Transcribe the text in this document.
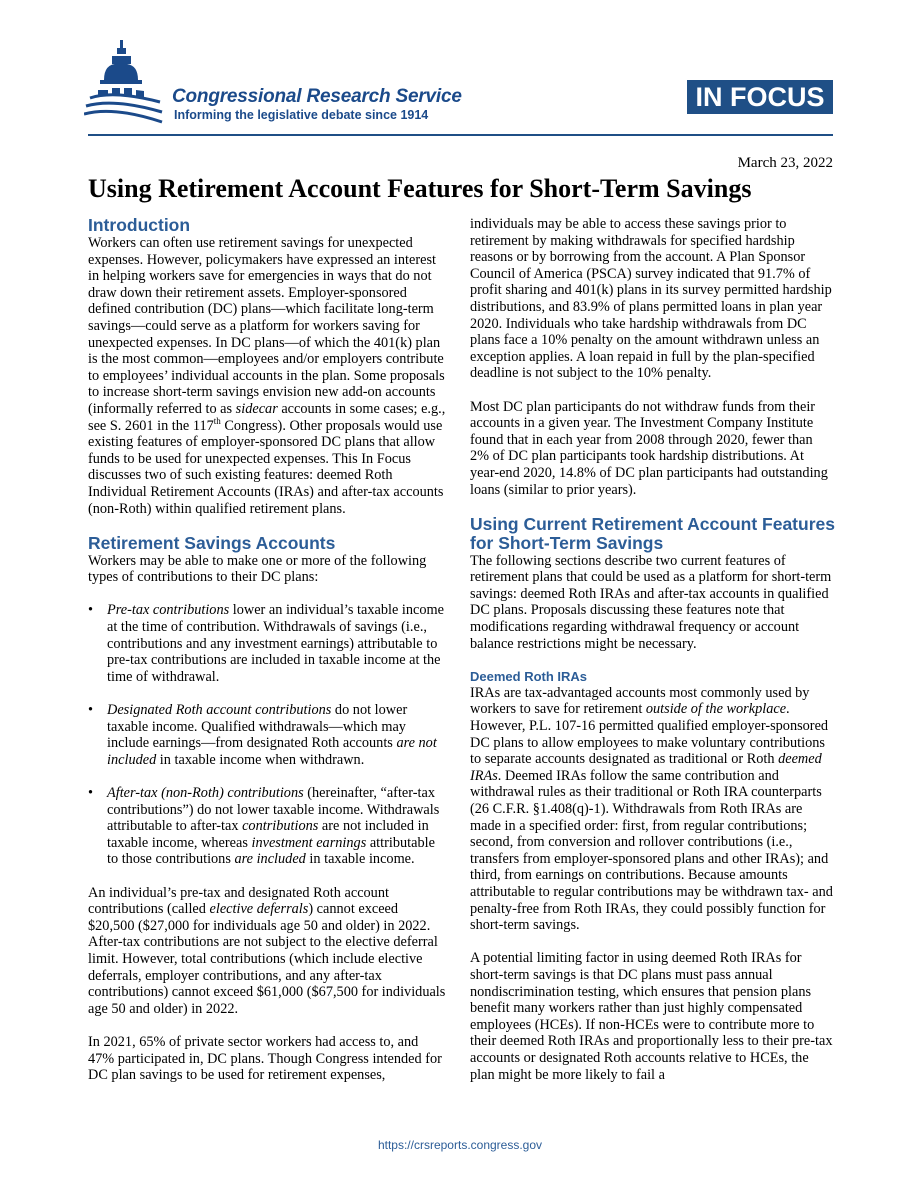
Congressional Research Service
Informing the legislative debate since 1914
IN FOCUS
March 23, 2022
Using Retirement Account Features for Short-Term Savings
Introduction

Workers can often use retirement savings for unexpected expenses. However, policymakers have expressed an interest in helping workers save for emergencies in ways that do not draw down their retirement assets. Employer-sponsored defined contribution (DC) plans—which facilitate long-term savings—could serve as a platform for workers saving for unexpected expenses. In DC plans—of which the 401(k) plan is the most common—employees and/or employers contribute to employees’ individual accounts in the plan. Some proposals to increase short-term savings envision new add-on accounts (informally referred to as sidecar accounts in some cases; e.g., see S. 2601 in the 117th Congress). Other proposals would use existing features of employer-sponsored DC plans that allow funds to be used for unexpected expenses. This In Focus discusses two of such existing features: deemed Roth Individual Retirement Accounts (IRAs) and after-tax accounts (non-Roth) within qualified retirement plans.

Retirement Savings Accounts

Workers may be able to make one or more of the following types of contributions to their DC plans:

• Pre-tax contributions lower an individual’s taxable income at the time of contribution. Withdrawals of savings (i.e., contributions and any investment earnings) attributable to pre-tax contributions are included in taxable income at the time of withdrawal.
• Designated Roth account contributions do not lower taxable income. Qualified withdrawals—which may include earnings—from designated Roth accounts are not included in taxable income when withdrawn.
• After-tax (non-Roth) contributions (hereinafter, “after-tax contributions”) do not lower taxable income. Withdrawals attributable to after-tax contributions are not included in taxable income, whereas investment earnings attributable to those contributions are included in taxable income.

An individual’s pre-tax and designated Roth account contributions (called elective deferrals) cannot exceed $20,500 ($27,000 for individuals age 50 and older) in 2022. After-tax contributions are not subject to the elective deferral limit. However, total contributions (which include elective deferrals, employer contributions, and any after-tax contributions) cannot exceed $61,000 ($67,500 for individuals age 50 and older) in 2022.

In 2021, 65% of private sector workers had access to, and 47% participated in, DC plans. Though Congress intended for DC plan savings to be used for retirement expenses,

individuals may be able to access these savings prior to retirement by making withdrawals for specified hardship reasons or by borrowing from the account. A Plan Sponsor Council of America (PSCA) survey indicated that 91.7% of profit sharing and 401(k) plans in its survey permitted hardship distributions, and 83.9% of plans permitted loans in plan year 2020. Individuals who take hardship withdrawals from DC plans face a 10% penalty on the amount withdrawn unless an exception applies. A loan repaid in full by the plan-specified deadline is not subject to the 10% penalty.

Most DC plan participants do not withdraw funds from their accounts in a given year. The Investment Company Institute found that in each year from 2008 through 2020, fewer than 2% of DC plan participants took hardship distributions. At year-end 2020, 14.8% of DC plan participants had outstanding loans (similar to prior years).

Using Current Retirement Account Features for Short-Term Savings

The following sections describe two current features of retirement plans that could be used as a platform for short-term savings: deemed Roth IRAs and after-tax accounts in qualified DC plans. Proposals discussing these features note that modifications regarding withdrawal frequency or account balance restrictions might be necessary.

Deemed Roth IRAs

IRAs are tax-advantaged accounts most commonly used by workers to save for retirement outside of the workplace. However, P.L. 107-16 permitted qualified employer-sponsored DC plans to allow employees to make voluntary contributions to separate accounts designated as traditional or Roth deemed IRAs. Deemed IRAs follow the same contribution and withdrawal rules as their traditional or Roth IRA counterparts (26 C.F.R. §1.408(q)-1). Withdrawals from Roth IRAs are made in a specified order: first, from regular contributions; second, from conversion and rollover contributions (i.e., transfers from employer-sponsored plans and other IRAs); and third, from earnings on contributions. Because amounts attributable to regular contributions may be withdrawn tax- and penalty-free from Roth IRAs, they could possibly function for short-term savings.

A potential limiting factor in using deemed Roth IRAs for short-term savings is that DC plans must pass annual nondiscrimination testing, which ensures that pension plans benefit many workers rather than just highly compensated employees (HCEs). If non-HCEs were to contribute more to their deemed Roth IRAs and proportionally less to their pre-tax accounts or designated Roth accounts relative to HCEs, the plan might be more likely to fail a

https://crsreports.congress.gov
